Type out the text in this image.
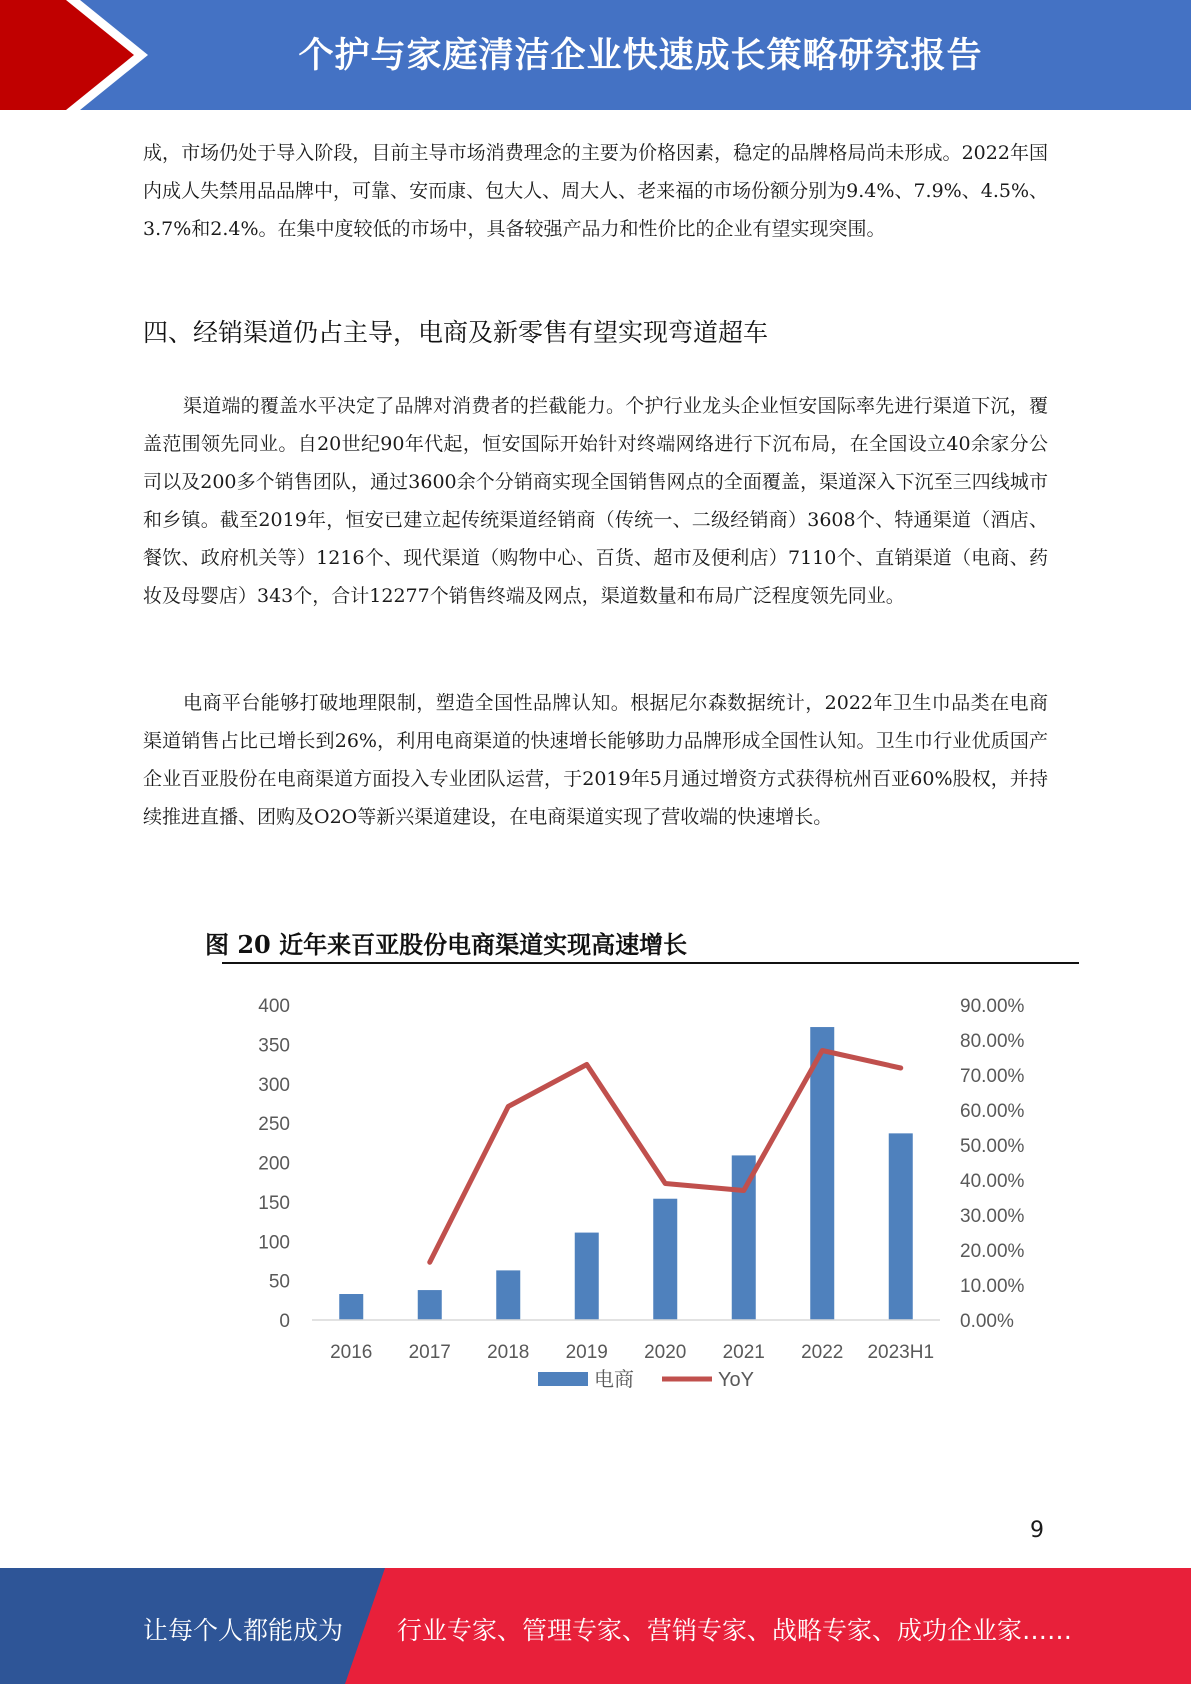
个护与家庭清洁企业快速成长策略研究报告

成，市场仍处于导入阶段，目前主导市场消费理念的主要为价格因素，稳定的品牌格局尚未形成。2022年国内成人失禁用品品牌中，可靠、安而康、包大人、周大人、老来福的市场份额分别为9.4%、7.9%、4.5%、3.7%和2.4%。在集中度较低的市场中，具备较强产品力和性价比的企业有望实现突围。

四、经销渠道仍占主导，电商及新零售有望实现弯道超车

渠道端的覆盖水平决定了品牌对消费者的拦截能力。个护行业龙头企业恒安国际率先进行渠道下沉，覆盖范围领先同业。自20世纪90年代起，恒安国际开始针对终端网络进行下沉布局，在全国设立40余家分公司以及200多个销售团队，通过3600余个分销商实现全国销售网点的全面覆盖，渠道深入下沉至三四线城市和乡镇。截至2019年，恒安已建立起传统渠道经销商（传统一、二级经销商）3608个、特通渠道（酒店、餐饮、政府机关等）1216个、现代渠道（购物中心、百货、超市及便利店）7110个、直销渠道（电商、药妆及母婴店）343个，合计12277个销售终端及网点，渠道数量和布局广泛程度领先同业。

电商平台能够打破地理限制，塑造全国性品牌认知。根据尼尔森数据统计，2022年卫生巾品类在电商渠道销售占比已增长到26%，利用电商渠道的快速增长能够助力品牌形成全国性认知。卫生巾行业优质国产企业百亚股份在电商渠道方面投入专业团队运营，于2019年5月通过增资方式获得杭州百亚60%股权，并持续推进直播、团购及O2O等新兴渠道建设，在电商渠道实现了营收端的快速增长。

图 20 近年来百亚股份电商渠道实现高速增长
400
350
300
250
200
150
100
50
0
90.00%
80.00%
70.00%
60.00%
50.00%
40.00%
30.00%
20.00%
10.00%
0.00%
2016 2017 2018 2019 2020 2021 2022 2023H1
电商	YoY
9
让每个人都能成为 行业专家、管理专家、营销专家、战略专家、成功企业家……
